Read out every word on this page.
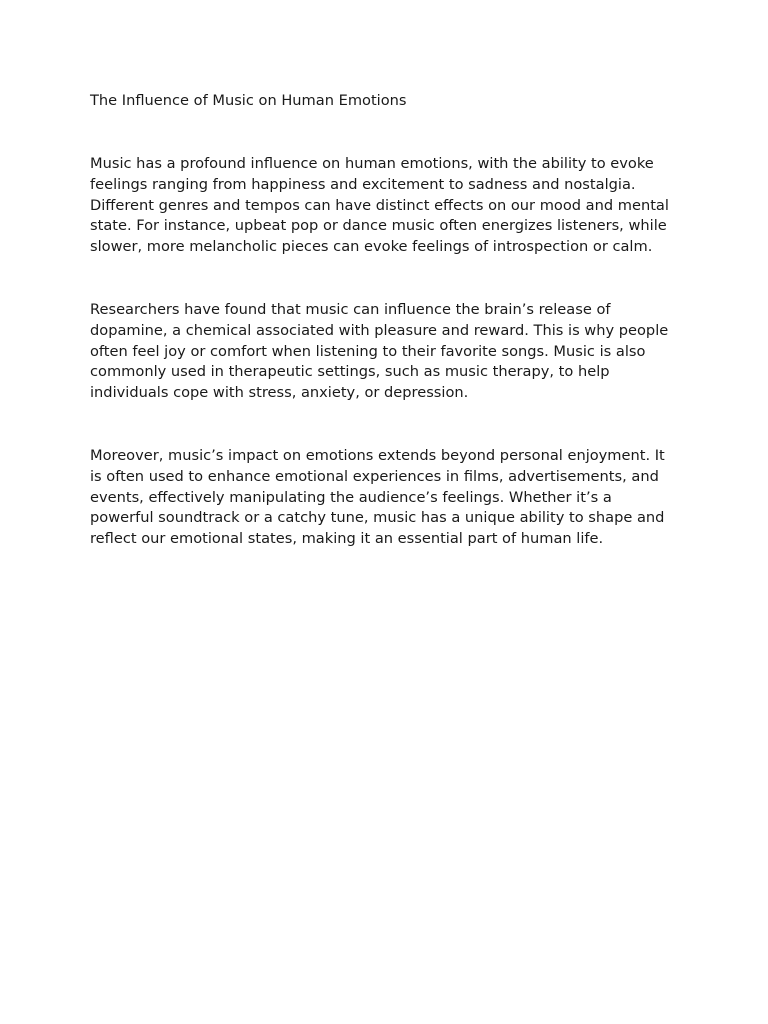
The Influence of Music on Human Emotions

Music has a profound influence on human emotions, with the ability to evoke feelings ranging from happiness and excitement to sadness and nostalgia. Different genres and tempos can have distinct effects on our mood and mental state. For instance, upbeat pop or dance music often energizes listeners, while slower, more melancholic pieces can evoke feelings of introspection or calm.

Researchers have found that music can influence the brain’s release of dopamine, a chemical associated with pleasure and reward. This is why people often feel joy or comfort when listening to their favorite songs. Music is also commonly used in therapeutic settings, such as music therapy, to help individuals cope with stress, anxiety, or depression.

Moreover, music’s impact on emotions extends beyond personal enjoyment. It is often used to enhance emotional experiences in films, advertisements, and events, effectively manipulating the audience’s feelings. Whether it’s a powerful soundtrack or a catchy tune, music has a unique ability to shape and reflect our emotional states, making it an essential part of human life.
